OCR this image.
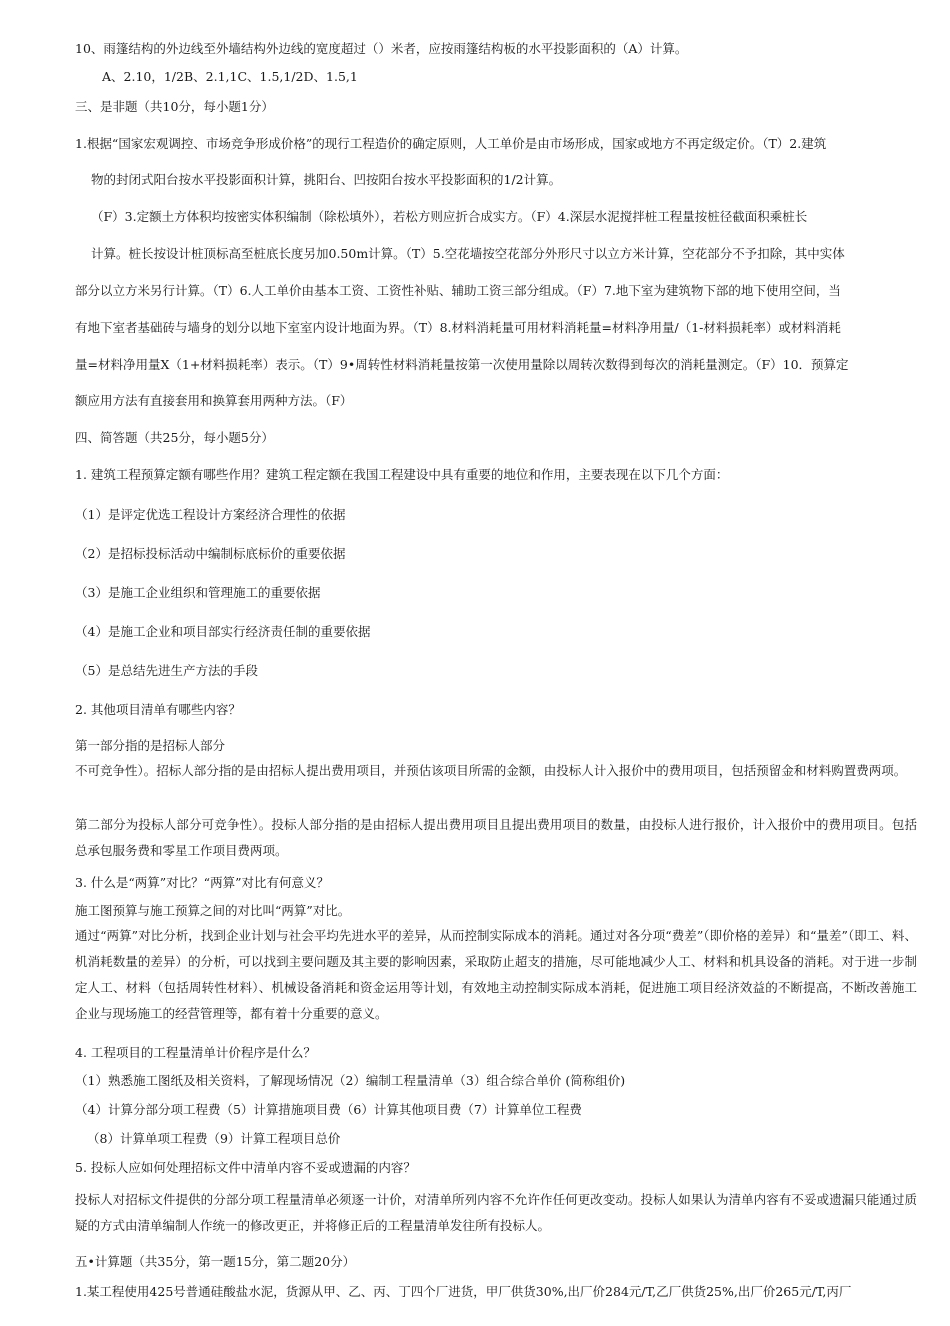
10、雨篷结构的外边线至外墙结构外边线的宽度超过（）米者，应按雨篷结构板的水平投影面积的（A）计算。

A、2.10，1/2B、2.1,1C、1.5,1/2D、1.5,1

三、是非题（共10分，每小题1分）

1.根据“国家宏观调控、市场竞争形成价格”的现行工程造价的确定原则，人工单价是由市场形成，国家或地方不再定级定价。（T）2.建筑

物的封闭式阳台按水平投影面积计算，挑阳台、凹按阳台按水平投影面积的1/2计算。

（F）3.定额土方体积均按密实体积编制（除松填外），若松方则应折合成实方。（F）4.深层水泥搅拌桩工程量按桩径截面积乘桩长

计算。桩长按设计桩顶标高至桩底长度另加0.50m计算。（T）5.空花墙按空花部分外形尺寸以立方米计算，空花部分不予扣除，其中实体

部分以立方米另行计算。（T）6.人工单价由基本工资、工资性补贴、辅助工资三部分组成。（F）7.地下室为建筑物下部的地下使用空间，当

有地下室者基础砖与墙身的划分以地下室室内设计地面为界。（T）8.材料消耗量可用材料消耗量=材料净用量/（1-材料损耗率）或材料消耗

量=材料净用量X（1+材料损耗率）表示。（T）9•周转性材料消耗量按第一次使用量除以周转次数得到每次的消耗量测定。（F）10．预算定

额应用方法有直接套用和换算套用两种方法。（F）

四、简答题（共25分，每小题5分）

1. 建筑工程预算定额有哪些作用？建筑工程定额在我国工程建设中具有重要的地位和作用，主要表现在以下几个方面：

（1）是评定优选工程设计方案经济合理性的依据

（2）是招标投标活动中编制标底标价的重要依据

（3）是施工企业组织和管理施工的重要依据

（4）是施工企业和项目部实行经济责任制的重要依据

（5）是总结先进生产方法的手段

2. 其他项目清单有哪些内容？

第一部分指的是招标人部分

不可竞争性）。招标人部分指的是由招标人提出费用项目，并预估该项目所需的金额，由投标人计入报价中的费用项目，包括预留金和材料购置费两项。

第二部分为投标人部分可竞争性）。投标人部分指的是由招标人提出费用项目且提出费用项目的数量，由投标人进行报价，计入报价中的费用项目。包括总承包服务费和零星工作项目费两项。

3. 什么是“两算”对比？“两算”对比有何意义？

施工图预算与施工预算之间的对比叫“两算”对比。

通过“两算”对比分析，找到企业计划与社会平均先进水平的差异，从而控制实际成本的消耗。通过对各分项“费差”（即价格的差异）和“量差”（即工、料、机消耗数量的差异）的分析，可以找到主要问题及其主要的影响因素，采取防止超支的措施，尽可能地减少人工、材料和机具设备的消耗。对于进一步制定人工、材料（包括周转性材料）、机械设备消耗和资金运用等计划，有效地主动控制实际成本消耗，促进施工项目经济效益的不断提高，不断改善施工企业与现场施工的经营管理等，都有着十分重要的意义。

4. 工程项目的工程量清单计价程序是什么？

（1）熟悉施工图纸及相关资料，了解现场情况（2）编制工程量清单（3）组合综合单价 (简称组价)

（4）计算分部分项工程费（5）计算措施项目费（6）计算其他项目费（7）计算单位工程费

（8）计算单项工程费（9）计算工程项目总价

5. 投标人应如何处理招标文件中清单内容不妥或遗漏的内容？

投标人对招标文件提供的分部分项工程量清单必须逐一计价，对清单所列内容不允许作任何更改变动。投标人如果认为清单内容有不妥或遗漏只能通过质疑的方式由清单编制人作统一的修改更正，并将修正后的工程量清单发往所有投标人。

五•计算题（共35分，第一题15分，第二题20分）

1.某工程使用425号普通硅酸盐水泥，货源从甲、乙、丙、丁四个厂进货，甲厂供货30%,出厂价284元/T,乙厂供货25%,出厂价265元/T,丙厂
